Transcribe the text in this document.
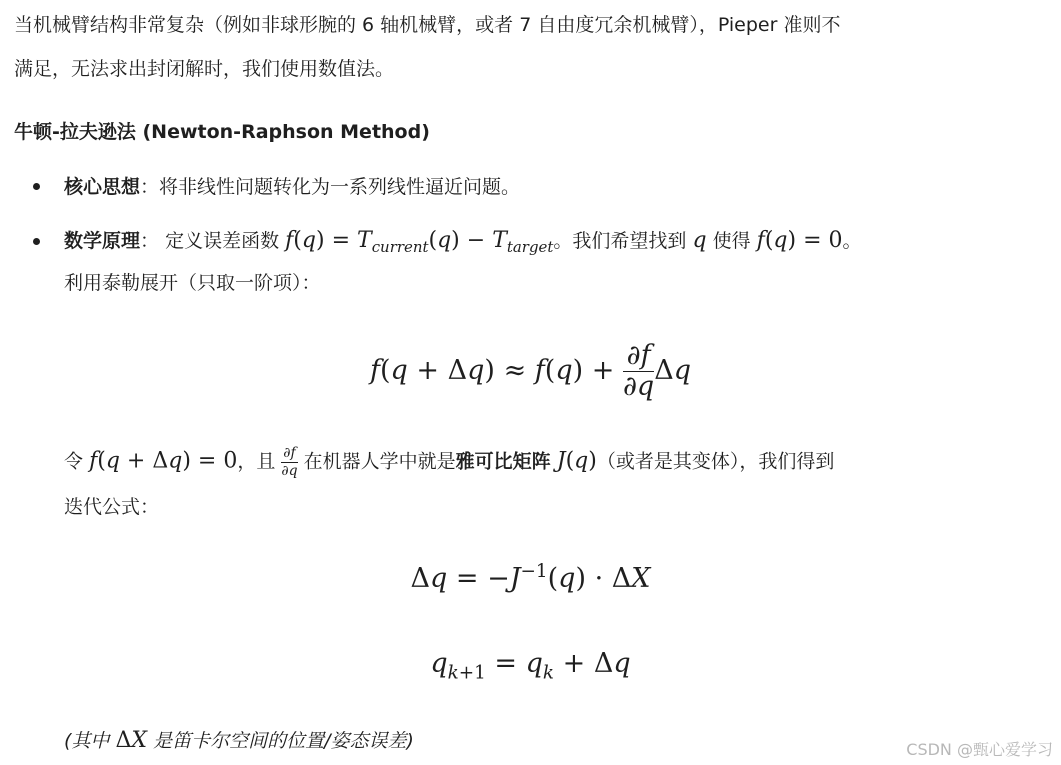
当机械臂结构非常复杂（例如非球形腕的 6 轴机械臂，或者 7 自由度冗余机械臂），Pieper 准则不
满足，无法求出封闭解时，我们使用数值法。
牛顿-拉夫逊法 (Newton-Raphson Method)
核心思想：将非线性问题转化为一系列线性逼近问题。
数学原理： 定义误差函数 $f(q) = T_{current}(q) - T_{target}$。我们希望找到 q 使得 f(q) = 0。
利用泰勒展开（只取一阶项）：
$f(q + \Delta q) \approx f(q) + \frac{\partial f}{\partial q}$ Δq
令 f(q + Δq) = 0，且 $\frac{\partial f}{\partial q}$ 在机器人学中就是雅可比矩阵 J(q)（或者是其变体），我们得到
迭代公式：
$\Delta q = -J^{-1}(q) \cdot \Delta X$
$q_{k+1} = q_k + \Delta q$
(其中 ΔX 是笛卡尔空间的位置/姿态误差)	CSDN @甄心爱学习
